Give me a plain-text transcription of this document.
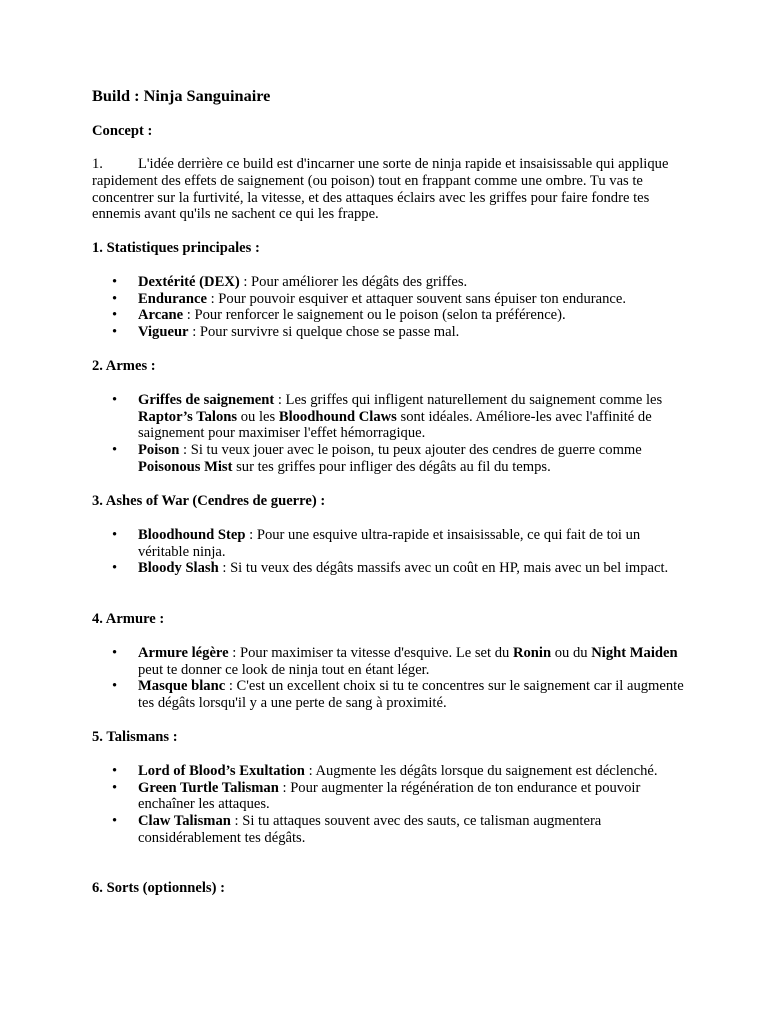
Build : Ninja Sanguinaire
Concept :

1. L'idée derrière ce build est d'incarner une sorte de ninja rapide et insaisissable qui applique rapidement des effets de saignement (ou poison) tout en frappant comme une ombre. Tu vas te concentrer sur la furtivité, la vitesse, et des attaques éclairs avec les griffes pour faire fondre tes ennemis avant qu'ils ne sachent ce qui les frappe.

1. Statistiques principales :
• Dextérité (DEX) : Pour améliorer les dégâts des griffes.
• Endurance : Pour pouvoir esquiver et attaquer souvent sans épuiser ton endurance.
• Arcane : Pour renforcer le saignement ou le poison (selon ta préférence).
• Vigueur : Pour survivre si quelque chose se passe mal.
2. Armes :
• Griffes de saignement : Les griffes qui infligent naturellement du saignement comme les Raptor’s Talons ou les Bloodhound Claws sont idéales. Améliore-les avec l'affinité de saignement pour maximiser l'effet hémorragique.
• Poison : Si tu veux jouer avec le poison, tu peux ajouter des cendres de guerre comme Poisonous Mist sur tes griffes pour infliger des dégâts au fil du temps.
3. Ashes of War (Cendres de guerre) :
• Bloodhound Step : Pour une esquive ultra-rapide et insaisissable, ce qui fait de toi un véritable ninja.
• Bloody Slash : Si tu veux des dégâts massifs avec un coût en HP, mais avec un bel impact.
4. Armure :
• Armure légère : Pour maximiser ta vitesse d'esquive. Le set du Ronin ou du Night Maiden peut te donner ce look de ninja tout en étant léger.
• Masque blanc : C'est un excellent choix si tu te concentres sur le saignement car il augmente tes dégâts lorsqu'il y a une perte de sang à proximité.
5. Talismans :
• Lord of Blood’s Exultation : Augmente les dégâts lorsque du saignement est déclenché.
• Green Turtle Talisman : Pour augmenter la régénération de ton endurance et pouvoir enchaîner les attaques.
• Claw Talisman : Si tu attaques souvent avec des sauts, ce talisman augmentera considérablement tes dégâts.
6. Sorts (optionnels) :
